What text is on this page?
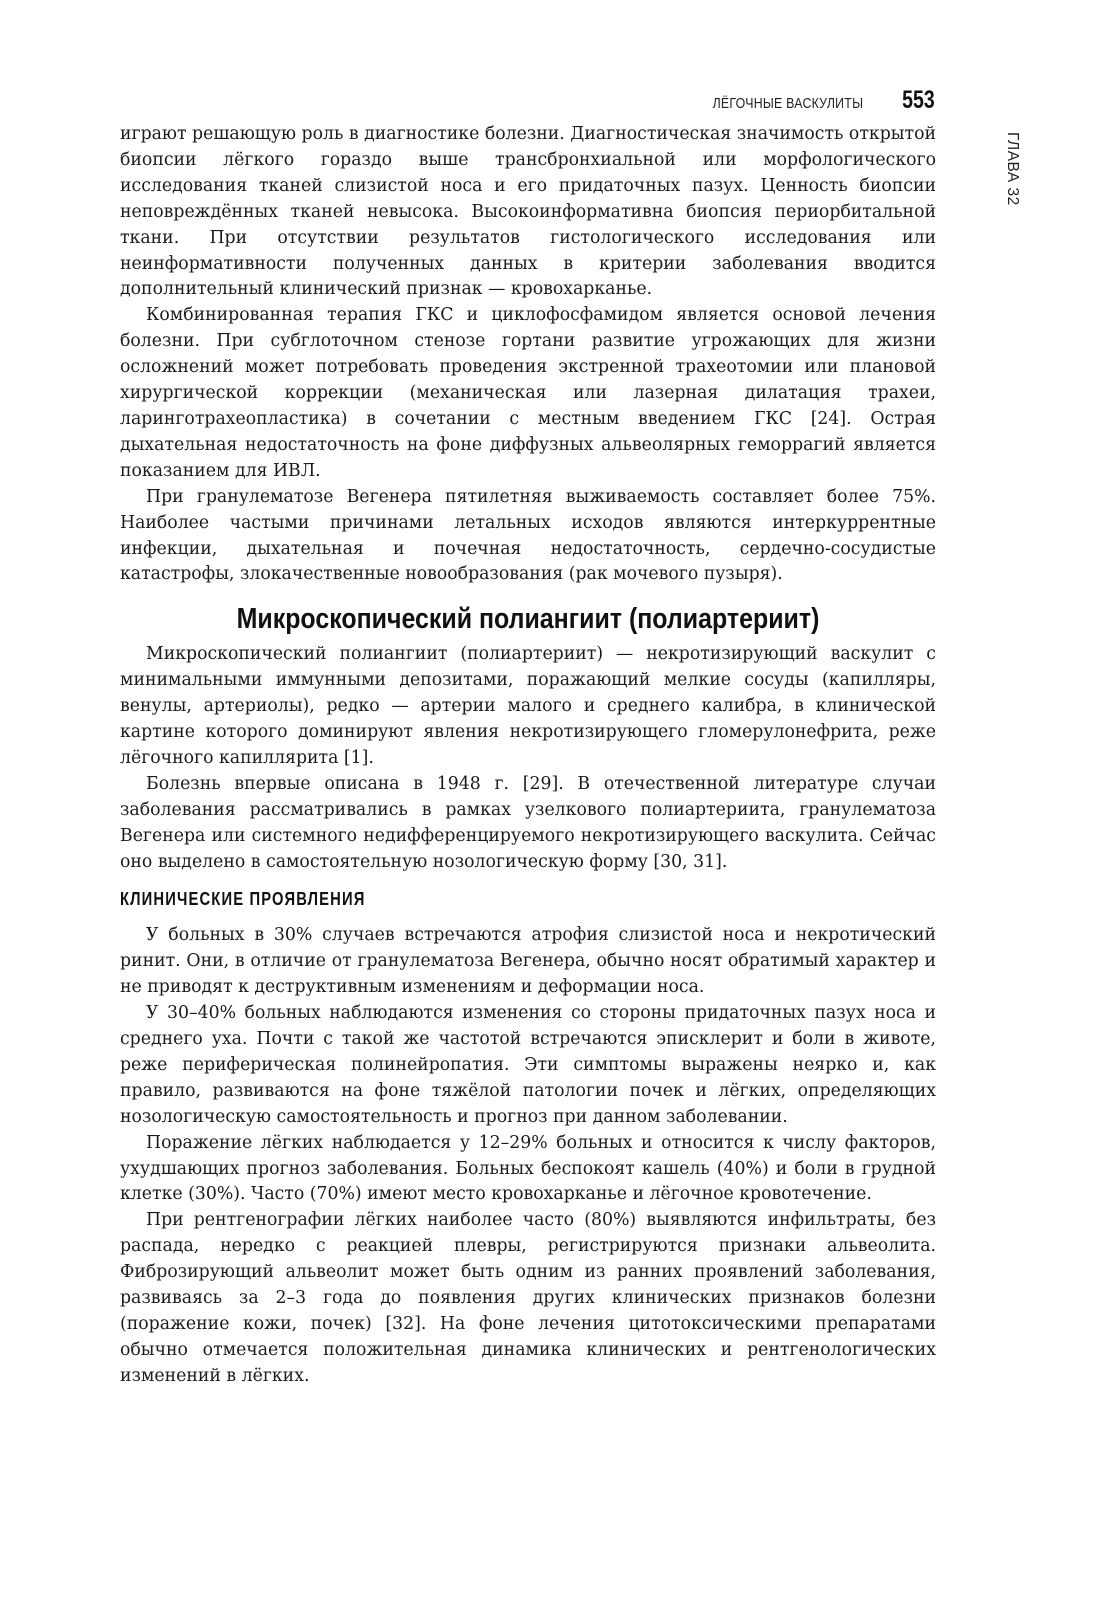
ЛЁГОЧНЫЕ ВАСКУЛИТЫ 553
ГЛАВА 32

играют решающую роль в диагностике болезни. Диагностическая значимость открытой биопсии лёгкого гораздо выше трансбронхиальной или морфологического исследования тканей слизистой носа и его придаточных пазух. Ценность биопсии неповреждённых тканей невысока. Высокоинформативна биопсия периорбитальной ткани. При отсутствии результатов гистологического исследования или неинформативности полученных данных в критерии заболевания вводится дополнительный клинический признак — кровохарканье.

Комбинированная терапия ГКС и циклофосфамидом является основой лечения болезни. При субглоточном стенозе гортани развитие угрожающих для жизни осложнений может потребовать проведения экстренной трахеотомии или плановой хирургической коррекции (механическая или лазерная дилатация трахеи, ларинготрахеопластика) в сочетании с местным введением ГКС [24]. Острая дыхательная недостаточность на фоне диффузных альвеолярных геморрагий является показанием для ИВЛ.

При гранулематозе Вегенера пятилетняя выживаемость составляет более 75%. Наиболее частыми причинами летальных исходов являются интеркуррентные инфекции, дыхательная и почечная недостаточность, сердечно-сосудистые катастрофы, злокачественные новообразования (рак мочевого пузыря).

Микроскопический полиангиит (полиартериит)

Микроскопический полиангиит (полиартериит) — некротизирующий васкулит с минимальными иммунными депозитами, поражающий мелкие сосуды (капилляры, венулы, артериолы), редко — артерии малого и среднего калибра, в клинической картине которого доминируют явления некротизирующего гломерулонефрита, реже лёгочного капиллярита [1].

Болезнь впервые описана в 1948 г. [29]. В отечественной литературе случаи заболевания рассматривались в рамках узелкового полиартериита, гранулематоза Вегенера или системного недифференцируемого некротизирующего васкулита. Сейчас оно выделено в самостоятельную нозологическую форму [30, 31].

КЛИНИЧЕСКИЕ ПРОЯВЛЕНИЯ

У больных в 30% случаев встречаются атрофия слизистой носа и некротический ринит. Они, в отличие от гранулематоза Вегенера, обычно носят обратимый характер и не приводят к деструктивным изменениям и деформации носа.

У 30–40% больных наблюдаются изменения со стороны придаточных пазух носа и среднего уха. Почти с такой же частотой встречаются эписклерит и боли в животе, реже периферическая полинейропатия. Эти симптомы выражены неярко и, как правило, развиваются на фоне тяжёлой патологии почек и лёгких, определяющих нозологическую самостоятельность и прогноз при данном заболевании.

Поражение лёгких наблюдается у 12–29% больных и относится к числу факторов, ухудшающих прогноз заболевания. Больных беспокоят кашель (40%) и боли в грудной клетке (30%). Часто (70%) имеют место кровохарканье и лёгочное кровотечение.

При рентгенографии лёгких наиболее часто (80%) выявляются инфильтраты, без распада, нередко с реакцией плевры, регистрируются признаки альвеолита. Фиброзирующий альвеолит может быть одним из ранних проявлений заболевания, развиваясь за 2–3 года до появления других клинических признаков болезни (поражение кожи, почек) [32]. На фоне лечения цитотоксическими препаратами обычно отмечается положительная динамика клинических и рентгенологических изменений в лёгких.
